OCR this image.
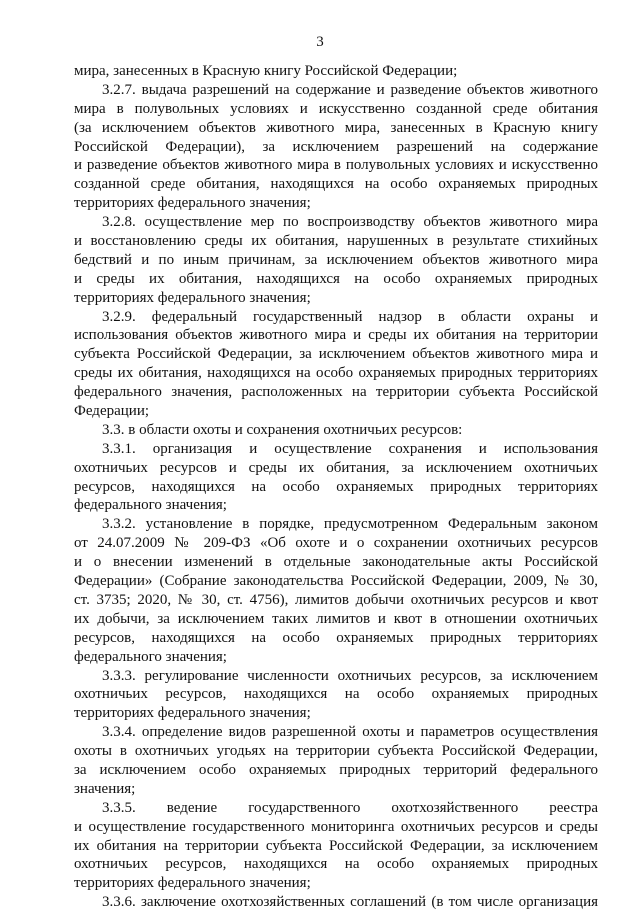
3
мира, занесенных в Красную книгу Российской Федерации;
3.2.7. выдача разрешений на содержание и разведение объектов животного
мира в полувольных условиях и искусственно созданной среде обитания
(за исключением объектов животного мира, занесенных в Красную книгу
Российской Федерации), за исключением разрешений на содержание
и разведение объектов животного мира в полувольных условиях и искусственно
созданной среде обитания, находящихся на особо охраняемых природных
территориях федерального значения;
3.2.8. осуществление мер по воспроизводству объектов животного мира
и восстановлению среды их обитания, нарушенных в результате стихийных
бедствий и по иным причинам, за исключением объектов животного мира
и среды их обитания, находящихся на особо охраняемых природных
территориях федерального значения;
3.2.9. федеральный государственный надзор в области охраны и
использования объектов животного мира и среды их обитания на территории
субъекта Российской Федерации, за исключением объектов животного мира и
среды их обитания, находящихся на особо охраняемых природных территориях
федерального значения, расположенных на территории субъекта Российской
Федерации;
3.3. в области охоты и сохранения охотничьих ресурсов:
3.3.1. организация и осуществление сохранения и использования
охотничьих ресурсов и среды их обитания, за исключением охотничьих
ресурсов, находящихся на особо охраняемых природных территориях
федерального значения;
3.3.2. установление в порядке, предусмотренном Федеральным законом
от 24.07.2009 № 209-ФЗ «Об охоте и о сохранении охотничьих ресурсов
и о внесении изменений в отдельные законодательные акты Российской
Федерации» (Собрание законодательства Российской Федерации, 2009, № 30,
ст. 3735; 2020, № 30, ст. 4756), лимитов добычи охотничьих ресурсов и квот
их добычи, за исключением таких лимитов и квот в отношении охотничьих
ресурсов, находящихся на особо охраняемых природных территориях
федерального значения;
3.3.3. регулирование численности охотничьих ресурсов, за исключением
охотничьих ресурсов, находящихся на особо охраняемых природных
территориях федерального значения;
3.3.4. определение видов разрешенной охоты и параметров осуществления
охоты в охотничьих угодьях на территории субъекта Российской Федерации,
за исключением особо охраняемых природных территорий федерального
значения;
3.3.5. ведение государственного охотхозяйственного реестра
и осуществление государственного мониторинга охотничьих ресурсов и среды
их обитания на территории субъекта Российской Федерации, за исключением
охотничьих ресурсов, находящихся на особо охраняемых природных
территориях федерального значения;
3.3.6. заключение охотхозяйственных соглашений (в том числе организация
